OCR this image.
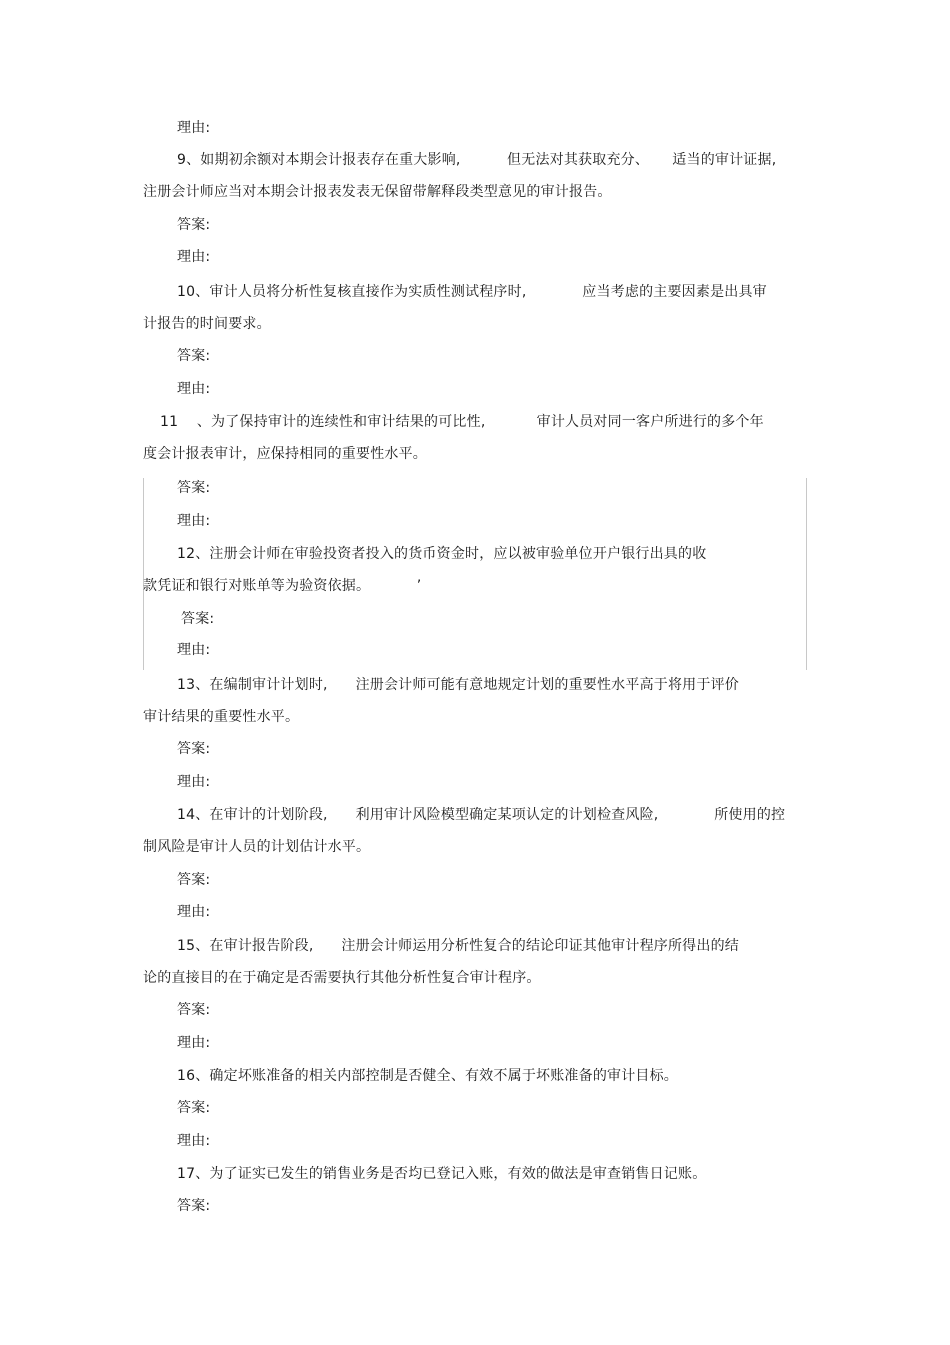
理由:
9、如期初余额对本期会计报表存在重大影响,          但无法对其获取充分、     适当的审计证据,
注册会计师应当对本期会计报表发表无保留带解释段类型意见的审计报告。
答案:
理由:
10、审计人员将分析性复核直接作为实质性测试程序时,            应当考虑的主要因素是出具审
计报告的时间要求。
答案:
理由:
11    、为了保持审计的连续性和审计结果的可比性,           审计人员对同一客户所进行的多个年
度会计报表审计，应保持相同的重要性水平。
答案:
理由:
12、注册会计师在审验投资者投入的货币资金时，应以被审验单位开户银行出具的收
款凭证和银行对账单等为验资依据。          ’
答案:
理由:
13、在编制审计计划时,      注册会计师可能有意地规定计划的重要性水平高于将用于评价
审计结果的重要性水平。
答案:
理由:
14、在审计的计划阶段,      利用审计风险模型确定某项认定的计划检查风险,            所使用的控
制风险是审计人员的计划估计水平。
答案:
理由:
15、在审计报告阶段,      注册会计师运用分析性复合的结论印证其他审计程序所得出的结
论的直接目的在于确定是否需要执行其他分析性复合审计程序。
答案:
理由:
16、确定坏账准备的相关内部控制是否健全、有效不属于坏账准备的审计目标。
答案:
理由:
17、为了证实已发生的销售业务是否均已登记入账，有效的做法是审查销售日记账。
答案:
